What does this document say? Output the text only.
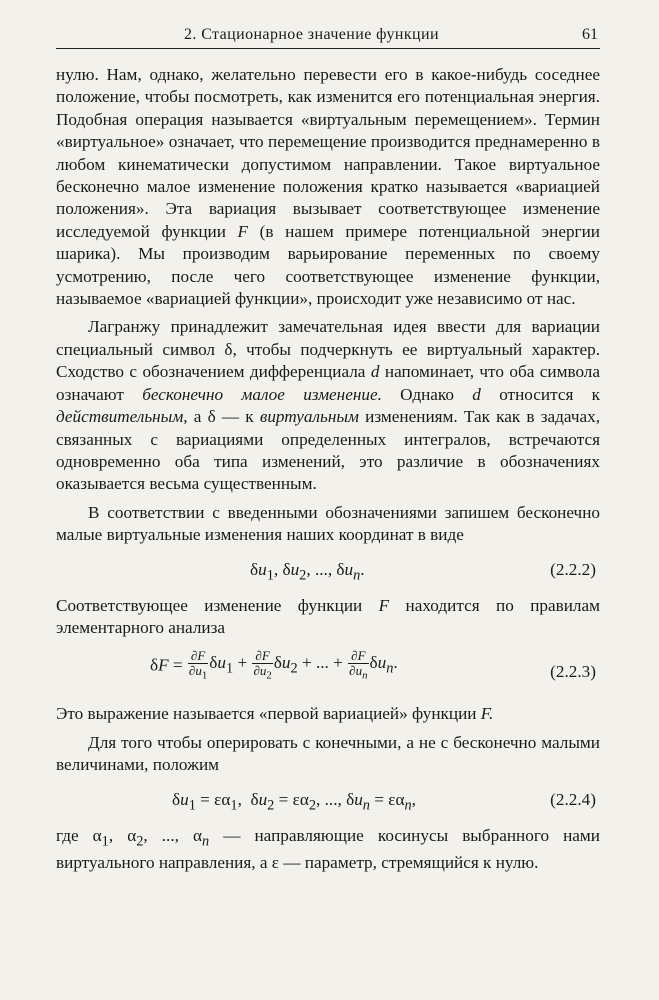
2. Стационарное значение функции	61

нулю. Нам, однако, желательно перевести его в какое-нибудь соседнее положение, чтобы посмотреть, как изменится его потенциальная энергия. Подобная операция называется «виртуальным перемещением». Термин «виртуальное» означает, что перемещение производится преднамеренно в любом кинематически допустимом направлении. Такое виртуальное бесконечно малое изменение положения кратко называется «вариацией положения». Эта вариация вызывает соответствующее изменение исследуемой функции F (в нашем примере потенциальной энергии шарика). Мы производим варьирование переменных по своему усмотрению, после чего соответствующее изменение функции, называемое «вариацией функции», происходит уже независимо от нас.

Лагранжу принадлежит замечательная идея ввести для вариации специальный символ δ, чтобы подчеркнуть ее виртуальный характер. Сходство с обозначением дифференциала d напоминает, что оба символа означают бесконечно малое изменение. Однако d относится к действительным, а δ — к виртуальным изменениям. Так как в задачах, связанных с вариациями определенных интегралов, встречаются одновременно оба типа изменений, это различие в обозначениях оказывается весьма существенным.

В соответствии с введенными обозначениями запишем бесконечно малые виртуальные изменения наших координат в виде

$\delta u_1$, $\delta u_2$, ..., $\delta u_n$.	(2.2.2)

Соответствующее изменение функции F находится по правилам элементарного анализа

$\delta F = \frac{\partial F}{\partial u_1} \delta u_1 + \frac{\partial F}{\partial u_2} \delta u_2$ + ... + $\frac{\partial F}{\partial u_n} \delta u_n$.	(2.2.3)

Это выражение называется «первой вариацией» функции F.

Для того чтобы оперировать с конечными, а не с бесконечно малыми величинами, положим

$\delta u_1 = \varepsilon\alpha_1$,  $\delta u_2 = \varepsilon\alpha_2$, ..., $\delta u_n = \varepsilon\alpha_n$,	(2.2.4)

где $\alpha_1$, $\alpha_2$, ..., $\alpha_n$ — направляющие косинусы выбранного нами виртуального направления, а ε — параметр, стремящийся к нулю.
